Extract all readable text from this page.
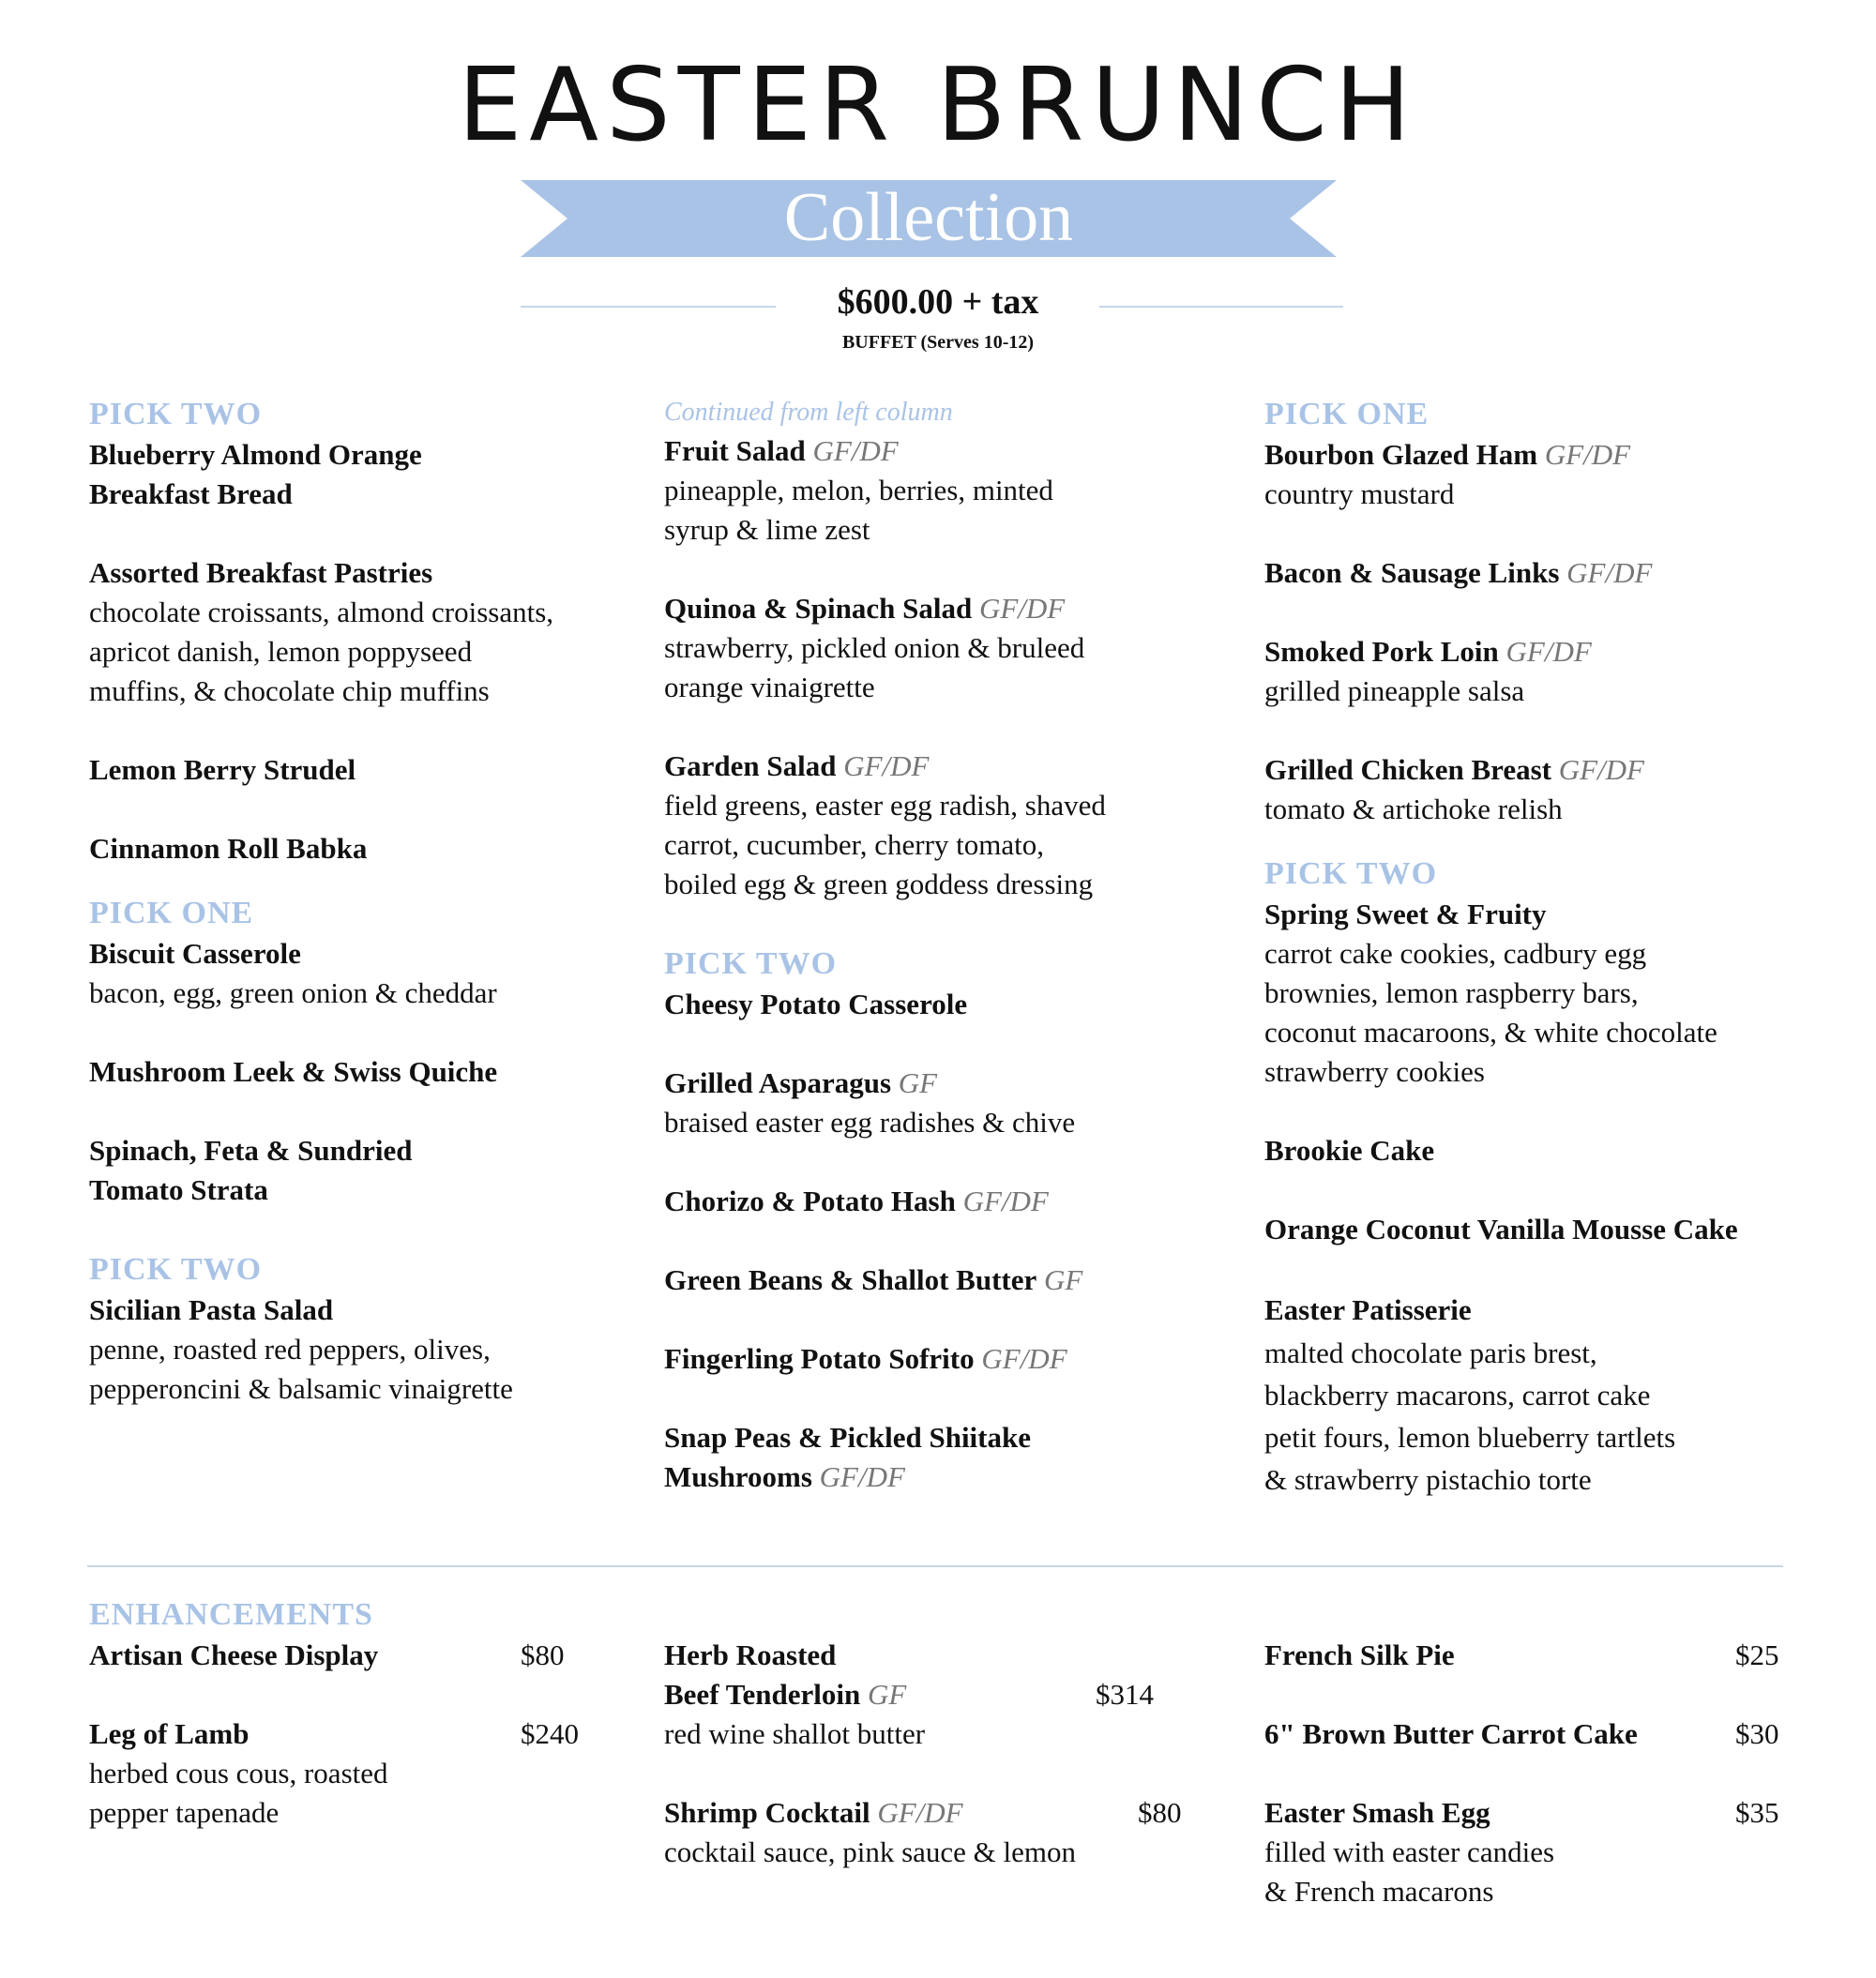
EASTER BRUNCH
Collection
$600.00 + tax
BUFFET (Serves 10-12)
PICK TWO
Blueberry Almond Orange
Breakfast Bread
Assorted Breakfast Pastries
chocolate croissants, almond croissants,
apricot danish, lemon poppyseed
muffins, & chocolate chip muffins
Lemon Berry Strudel
Cinnamon Roll Babka
PICK ONE
Biscuit Casserole
bacon, egg, green onion & cheddar
Mushroom Leek & Swiss Quiche
Spinach, Feta & Sundried
Tomato Strata
PICK TWO
Sicilian Pasta Salad
penne, roasted red peppers, olives,
pepperoncini & balsamic vinaigrette
Continued from left column
Fruit Salad GF/DF
pineapple, melon, berries, minted
syrup & lime zest
Quinoa & Spinach Salad GF/DF
strawberry, pickled onion & bruleed
orange vinaigrette
Garden Salad GF/DF
field greens, easter egg radish, shaved
carrot, cucumber, cherry tomato,
boiled egg & green goddess dressing
PICK TWO
Cheesy Potato Casserole
Grilled Asparagus GF
braised easter egg radishes & chive
Chorizo & Potato Hash GF/DF
Green Beans & Shallot Butter GF
Fingerling Potato Sofrito GF/DF
Snap Peas & Pickled Shiitake
Mushrooms GF/DF
PICK ONE
Bourbon Glazed Ham GF/DF
country mustard
Bacon & Sausage Links GF/DF
Smoked Pork Loin GF/DF
grilled pineapple salsa
Grilled Chicken Breast GF/DF
tomato & artichoke relish
PICK TWO
Spring Sweet & Fruity
carrot cake cookies, cadbury egg
brownies, lemon raspberry bars,
coconut macaroons, & white chocolate
strawberry cookies
Brookie Cake
Orange Coconut Vanilla Mousse Cake
Easter Patisserie
malted chocolate paris brest,
blackberry macarons, carrot cake
petit fours, lemon blueberry tartlets
& strawberry pistachio torte
ENHANCEMENTS
Artisan Cheese Display	$80
Leg of Lamb	$240
herbed cous cous, roasted
pepper tapenade
Herb Roasted
Beef Tenderloin GF	$314
red wine shallot butter
Shrimp Cocktail GF/DF	$80
cocktail sauce, pink sauce & lemon
French Silk Pie	$25
6" Brown Butter Carrot Cake	$30
Easter Smash Egg	$35
filled with easter candies
& French macarons
